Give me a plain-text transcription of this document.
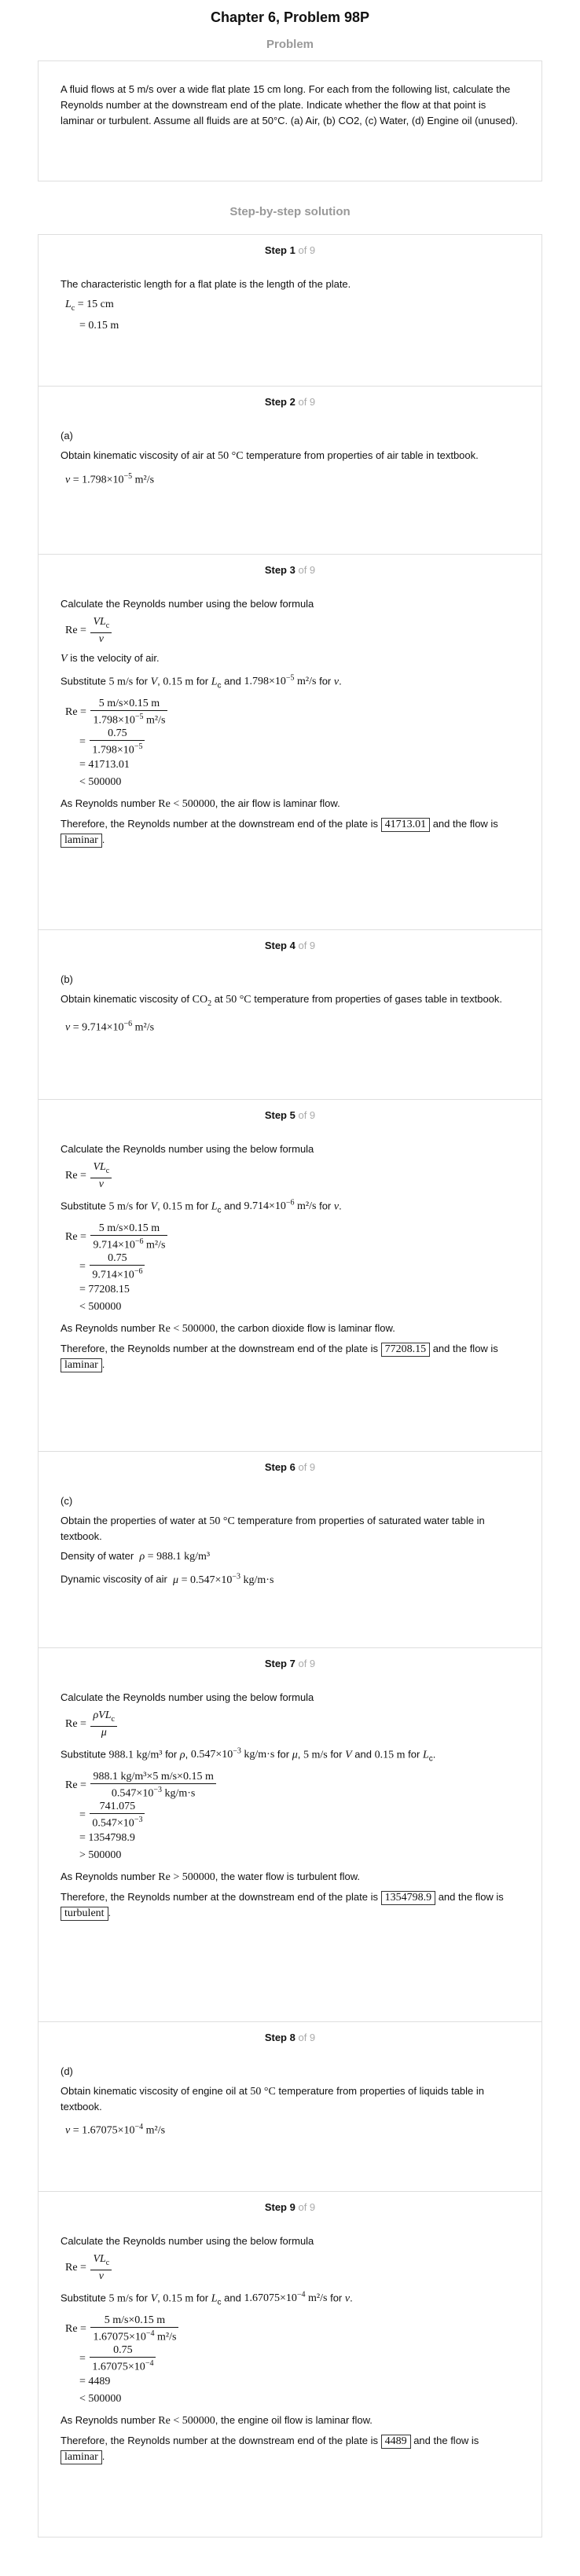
Chapter 6, Problem 98P
Problem

A fluid flows at 5 m/s over a wide flat plate 15 cm long. For each from the following list, calculate the Reynolds number at the downstream end of the plate. Indicate whether the flow at that point is laminar or turbulent. Assume all fluids are at 50°C. (a) Air, (b) CO2, (c) Water, (d) Engine oil (unused).

Step-by-step solution
Step 1 of 9

The characteristic length for a flat plate is the length of the plate.

$L_c = 15$ cm
= 0.15 m
Step 2 of 9

(a)

Obtain kinematic viscosity of air at 50 °C temperature from properties of air table in textbook.

$\nu = 1.798\times 10^{-5}$ m²/s
Step 3 of 9

Calculate the Reynolds number using the below formula

$Re = \frac{VL_c}{\nu}$

V is the velocity of air.

Substitute 5 m/s for V, 0.15 m for $L_c$ and $1.798\times 10^{-5}$ m²/s for ν.

$Re = \frac{5 m/s\times 0.15 m}{1.798\times 10^{-5} m^2/s}$
= $\frac{0.75}{1.798\times 10^{-5}}$
= 41713.01
< 500000

As Reynolds number Re < 500000, the air flow is laminar flow.

Therefore, the Reynolds number at the downstream end of the plate is 41713.01 and the flow is laminar .

Step 4 of 9

(b)

Obtain kinematic viscosity of $CO_2$ at 50 °C temperature from properties of gases table in textbook.

$\nu = 9.714\times 10^{-6}$ m²/s
Step 5 of 9

Calculate the Reynolds number using the below formula

$Re = \frac{VL_c}{\nu}$

Substitute 5 m/s for V, 0.15 m for $L_c$ and $9.714\times 10^{-6}$ m²/s for ν.

$Re = \frac{5 m/s\times 0.15 m}{9.714\times 10^{-6} m^2/s}$
= $\frac{0.75}{9.714\times 10^{-6}}$
= 77208.15
< 500000

As Reynolds number Re < 500000, the carbon dioxide flow is laminar flow.

Therefore, the Reynolds number at the downstream end of the plate is 77208.15 and the flow is laminar .

Step 6 of 9

(c)

Obtain the properties of water at 50 °C temperature from properties of saturated water table in textbook.

Density of water ρ = 988.1 kg/m³

Dynamic viscosity of air $\mu = 0.547\times 10^{-3}$ kg/m·s

Step 7 of 9

Calculate the Reynolds number using the below formula

$Re = \frac{\rho VL_c}{\mu}$

Substitute 988.1 kg/m³ for ρ, $0.547\times 10^{-3}$ kg/m·s for μ, 5 m/s for V and 0.15 m for $L_c$.

$Re = \frac{\text{988.1 kg/m³×5 m/s×0.15 m}}{0.547\times 10^{-3} kg/m\cdot s}$
= $\frac{741.075}{0.547\times 10^{-3}}$
= 1354798.9
> 500000

As Reynolds number Re > 500000, the water flow is turbulent flow.

Therefore, the Reynolds number at the downstream end of the plate is 1354798.9 and the flow is turbulent .

Step 8 of 9

(d)

Obtain kinematic viscosity of engine oil at 50 °C temperature from properties of liquids table in textbook.

$\nu = 1.67075\times 10^{-4}$ m²/s
Step 9 of 9

Calculate the Reynolds number using the below formula

$Re = \frac{VL_c}{\nu}$

Substitute 5 m/s for V, 0.15 m for $L_c$ and $1.67075\times 10^{-4}$ m²/s for ν.

$Re = \frac{5 m/s\times 0.15 m}{1.67075\times 10^{-4} m^2/s}$
= $\frac{0.75}{1.67075\times 10^{-4}}$
= 4489
< 500000

As Reynolds number Re < 500000, the engine oil flow is laminar flow.

Therefore, the Reynolds number at the downstream end of the plate is 4489 and the flow is laminar .
